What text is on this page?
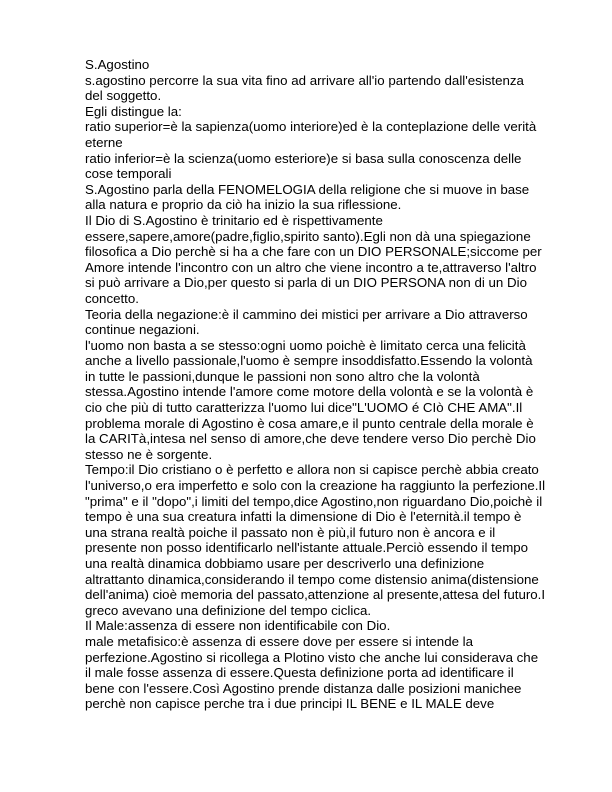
S.Agostino
s.agostino percorre la sua vita fino ad arrivare all'io partendo dall'esistenza
del soggetto.
Egli distingue la:
ratio superior=è la sapienza(uomo interiore)ed è la conteplazione delle verità
eterne
ratio inferior=è la scienza(uomo esteriore)e si basa sulla conoscenza delle
cose temporali
S.Agostino parla della FENOMELOGIA della religione che si muove in base
alla natura e proprio da ciò ha inizio la sua riflessione.
Il Dio di S.Agostino è trinitario ed è rispettivamente
essere,sapere,amore(padre,figlio,spirito santo).Egli non dà una spiegazione
filosofica a Dio perchè si ha a che fare con un DIO PERSONALE;siccome per
Amore intende l'incontro con un altro che viene incontro a te,attraverso l'altro
si può arrivare a Dio,per questo si parla di un DIO PERSONA non di un Dio
concetto.
Teoria della negazione:è il cammino dei mistici per arrivare a Dio attraverso
continue negazioni.
l'uomo non basta a se stesso:ogni uomo poichè è limitato cerca una felicità
anche a livello passionale,l'uomo è sempre insoddisfatto.Essendo la volontà
in tutte le passioni,dunque le passioni non sono altro che la volontà
stessa.Agostino intende l'amore come motore della volontà e se la volontà è
cio che più di tutto caratterizza l'uomo lui dice"L'UOMO é CIò CHE AMA".Il
problema morale di Agostino è cosa amare,e il punto centrale della morale è
la CARITà,intesa nel senso di amore,che deve tendere verso Dio perchè Dio
stesso ne è sorgente.
Tempo:il Dio cristiano o è perfetto e allora non si capisce perchè abbia creato
l'universo,o era imperfetto e solo con la creazione ha raggiunto la perfezione.Il
"prima" e il "dopo",i limiti del tempo,dice Agostino,non riguardano Dio,poichè il
tempo è una sua creatura infatti la dimensione di Dio è l'eternità.il tempo è
una strana realtà poiche il passato non è più,il futuro non è ancora e il
presente non posso identificarlo nell'istante attuale.Perciò essendo il tempo
una realtà dinamica dobbiamo usare per descriverlo una definizione
altrattanto dinamica,considerando il tempo come distensio anima(distensione
dell'anima) cioè memoria del passato,attenzione al presente,attesa del futuro.I
greco avevano una definizione del tempo ciclica.
Il Male:assenza di essere non identificabile con Dio.
male metafisico:è assenza di essere dove per essere si intende la
perfezione.Agostino si ricollega a Plotino visto che anche lui considerava che
il male fosse assenza di essere.Questa definizione porta ad identificare il
bene con l'essere.Così Agostino prende distanza dalle posizioni manichee
perchè non capisce perche tra i due principi IL BENE e IL MALE deve
